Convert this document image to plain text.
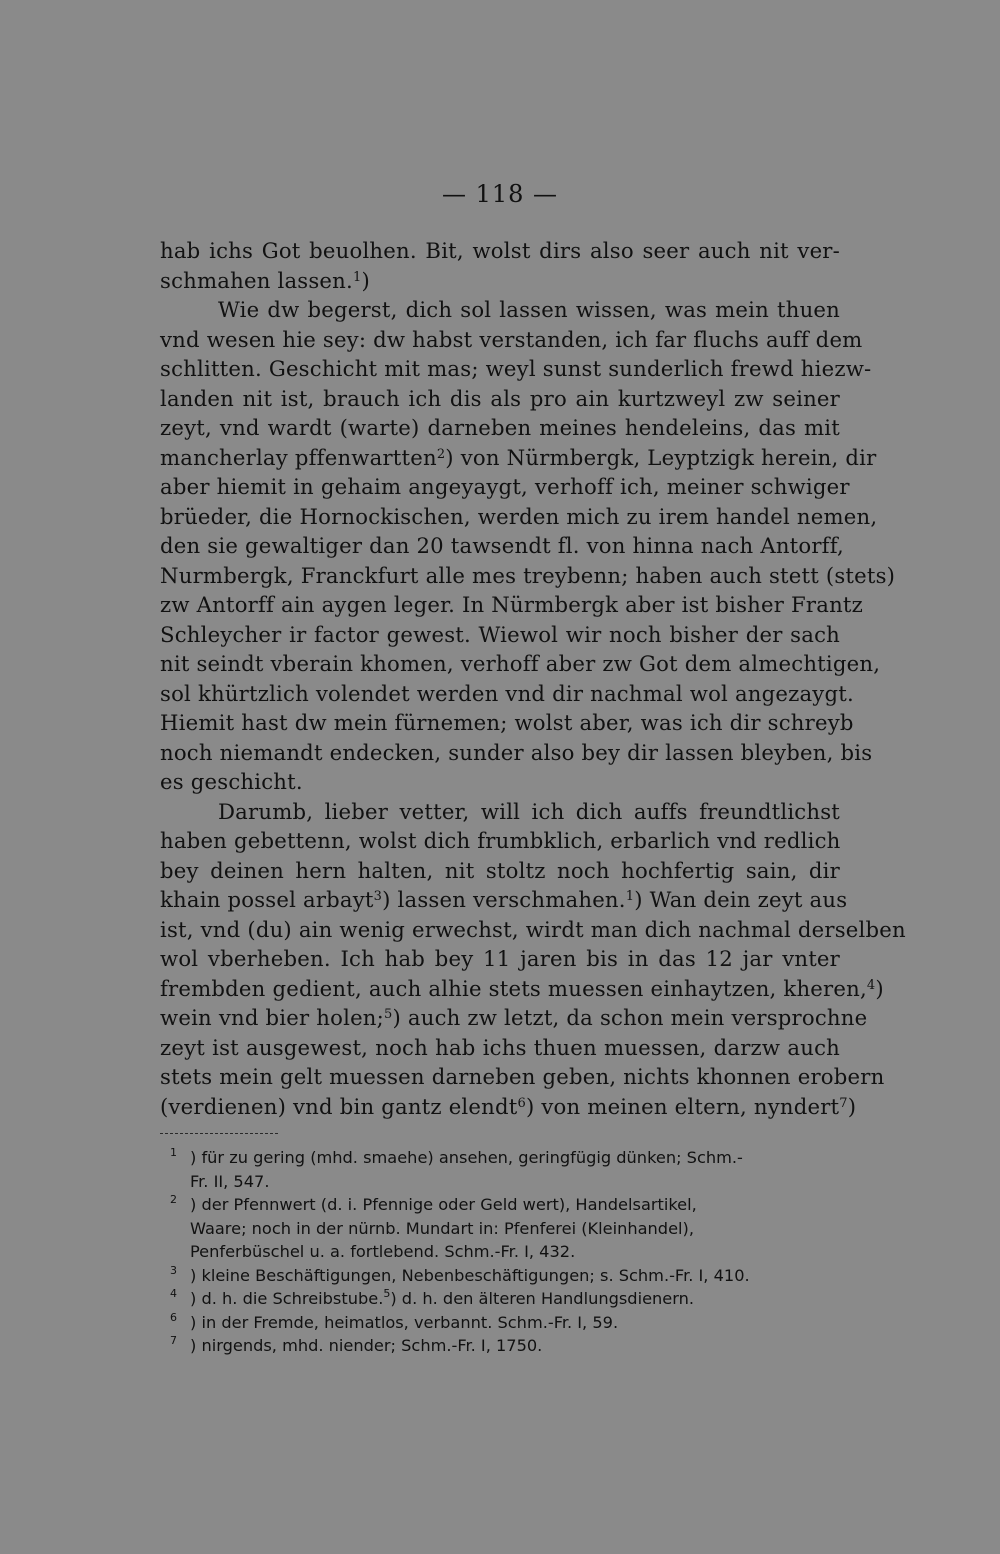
— 118 —
hab ichs Got beuolhen. Bit, wolst dirs also seer auch nit ver-
schmahen lassen.$^1$)
Wie dw begerst, dich sol lassen wissen, was mein thuen
vnd wesen hie sey: dw habst verstanden, ich far fluchs auff dem
schlitten. Geschicht mit mas; weyl sunst sunderlich frewd hiezw-
landen nit ist, brauch ich dis als pro ain kurtzweyl zw seiner
zeyt, vnd wardt (warte) darneben meines hendeleins, das mit
mancherlay pffenwartten$^2$) von Nürmbergk, Leyptzigk herein, dir
aber hiemit in gehaim angeyaygt, verhoff ich, meiner schwiger
brüeder, die Hornockischen, werden mich zu irem handel nemen,
den sie gewaltiger dan 20 tawsendt fl. von hinna nach Antorff,
Nurmbergk, Franckfurt alle mes treybenn; haben auch stett (stets)
zw Antorff ain aygen leger. In Nürmbergk aber ist bisher Frantz
Schleycher ir factor gewest. Wiewol wir noch bisher der sach
nit seindt vberain khomen, verhoff aber zw Got dem almechtigen,
sol khürtzlich volendet werden vnd dir nachmal wol angezaygt.
Hiemit hast dw mein fürnemen; wolst aber, was ich dir schreyb
noch niemandt endecken, sunder also bey dir lassen bleyben, bis
es geschicht.
Darumb, lieber vetter, will ich dich auffs freundtlichst
haben gebettenn, wolst dich frumbklich, erbarlich vnd redlich
bey deinen hern halten, nit stoltz noch hochfertig sain, dir
khain possel arbayt$^3$) lassen verschmahen.$^1$) Wan dein zeyt aus
ist, vnd (du) ain wenig erwechst, wirdt man dich nachmal derselben
wol vberheben. Ich hab bey 11 jaren bis in das 12 jar vnter
frembden gedient, auch alhie stets muessen einhaytzen, kheren,$^4$)
wein vnd bier holen;$^5$) auch zw letzt, da schon mein versprochne
zeyt ist ausgewest, noch hab ichs thuen muessen, darzw auch
stets mein gelt muessen darneben geben, nichts khonnen erobern
(verdienen) vnd bin gantz elendt$^6$) von meinen eltern, nyndert$^7$)
1 ) für zu gering (mhd. smaehe) ansehen, geringfügig dünken; Schm.-
Fr. II, 547.
2 ) der Pfennwert (d. i. Pfennige oder Geld wert), Handelsartikel,
Waare; noch in der nürnb. Mundart in: Pfenferei (Kleinhandel),
Penferbüschel u. a. fortlebend. Schm.-Fr. I, 432.
3 ) kleine Beschäftigungen, Nebenbeschäftigungen; s. Schm.-Fr. I, 410.
4 ) d. h. die Schreibstube.$^5$) d. h. den älteren Handlungsdienern.
6 ) in der Fremde, heimatlos, verbannt. Schm.-Fr. I, 59.
7 ) nirgends, mhd. niender; Schm.-Fr. I, 1750.
